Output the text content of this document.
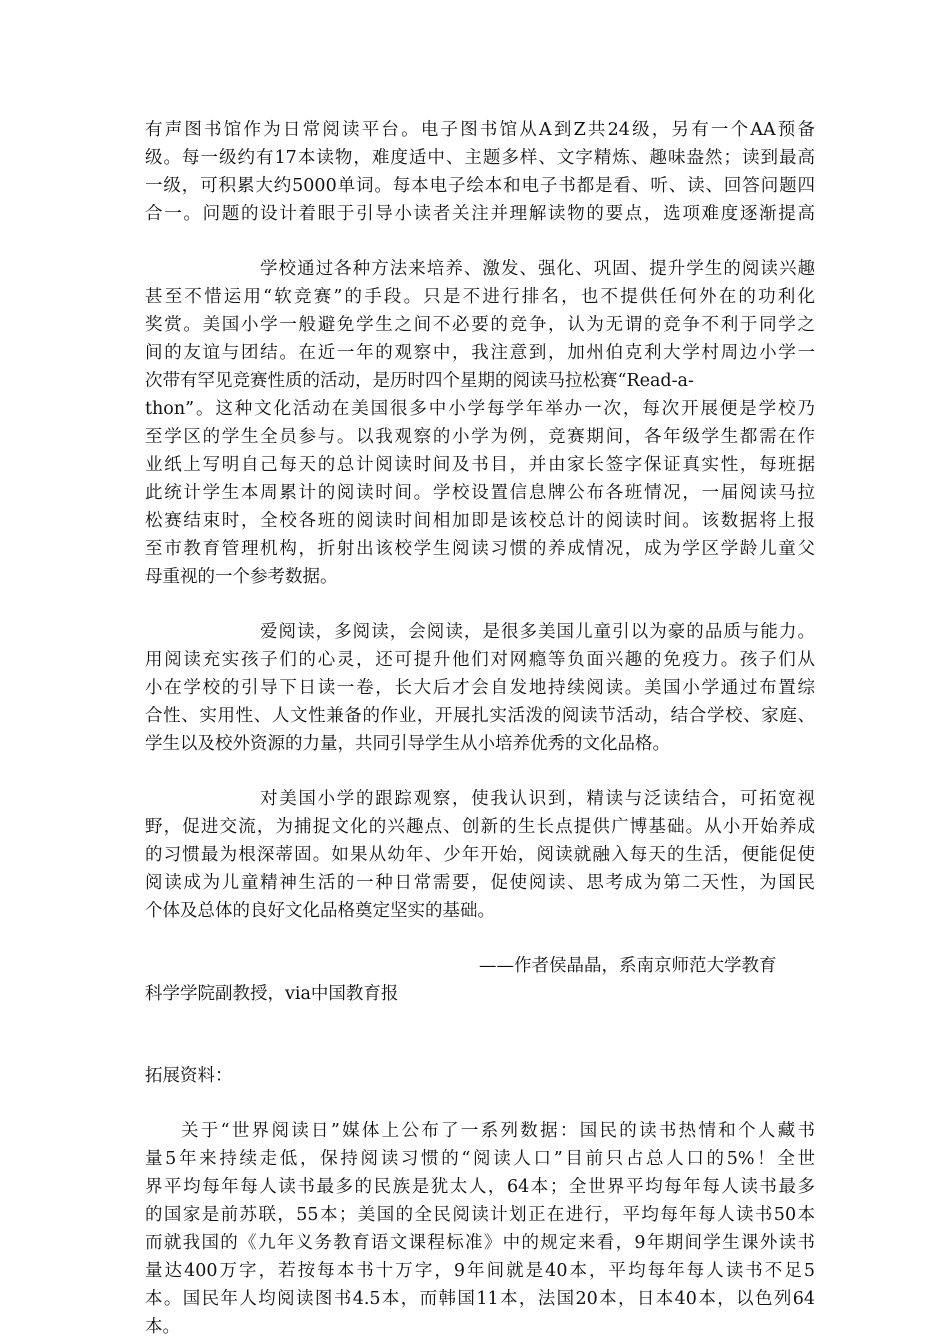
有声图书馆作为日常阅读平台。电子图书馆从A到Z共24级，另有一个AA预备
级。每一级约有17本读物，难度适中、主题多样、文字精炼、趣味盎然；读到最高
一级，可积累大约5000单词。每本电子绘本和电子书都是看、听、读、回答问题四
合一。问题的设计着眼于引导小读者关注并理解读物的要点，选项难度逐渐提高
学校通过各种方法来培养、激发、强化、巩固、提升学生的阅读兴趣
甚至不惜运用“软竞赛”的手段。只是不进行排名，也不提供任何外在的功利化
奖赏。美国小学一般避免学生之间不必要的竞争，认为无谓的竞争不利于同学之
间的友谊与团结。在近一年的观察中，我注意到，加州伯克利大学村周边小学一
次带有罕见竞赛性质的活动，是历时四个星期的阅读马拉松赛“Read-a-
thon”。这种文化活动在美国很多中小学每学年举办一次，每次开展便是学校乃
至学区的学生全员参与。以我观察的小学为例，竞赛期间，各年级学生都需在作
业纸上写明自己每天的总计阅读时间及书目，并由家长签字保证真实性，每班据
此统计学生本周累计的阅读时间。学校设置信息牌公布各班情况，一届阅读马拉
松赛结束时，全校各班的阅读时间相加即是该校总计的阅读时间。该数据将上报
至市教育管理机构，折射出该校学生阅读习惯的养成情况，成为学区学龄儿童父
母重视的一个参考数据。
爱阅读，多阅读，会阅读，是很多美国儿童引以为豪的品质与能力。
用阅读充实孩子们的心灵，还可提升他们对网瘾等负面兴趣的免疫力。孩子们从
小在学校的引导下日读一卷，长大后才会自发地持续阅读。美国小学通过布置综
合性、实用性、人文性兼备的作业，开展扎实活泼的阅读节活动，结合学校、家庭、
学生以及校外资源的力量，共同引导学生从小培养优秀的文化品格。
对美国小学的跟踪观察，使我认识到，精读与泛读结合，可拓宽视
野，促进交流，为捕捉文化的兴趣点、创新的生长点提供广博基础。从小开始养成
的习惯最为根深蒂固。如果从幼年、少年开始，阅读就融入每天的生活，便能促使
阅读成为儿童精神生活的一种日常需要，促使阅读、思考成为第二天性，为国民
个体及总体的良好文化品格奠定坚实的基础。
——作者侯晶晶，系南京师范大学教育
科学学院副教授，via中国教育报
拓展资料：
关于“世界阅读日”媒体上公布了一系列数据：国民的读书热情和个人藏书
量5年来持续走低，保持阅读习惯的“阅读人口”目前只占总人口的5%！全世
界平均每年每人读书最多的民族是犹太人，64本；全世界平均每年每人读书最多
的国家是前苏联，55本；美国的全民阅读计划正在进行，平均每年每人读书50本
而就我国的《九年义务教育语文课程标准》中的规定来看，9年期间学生课外读书
量达400万字，若按每本书十万字，9年间就是40本，平均每年每人读书不足5
本。国民年人均阅读图书4.5本，而韩国11本，法国20本，日本40本，以色列64
本。
